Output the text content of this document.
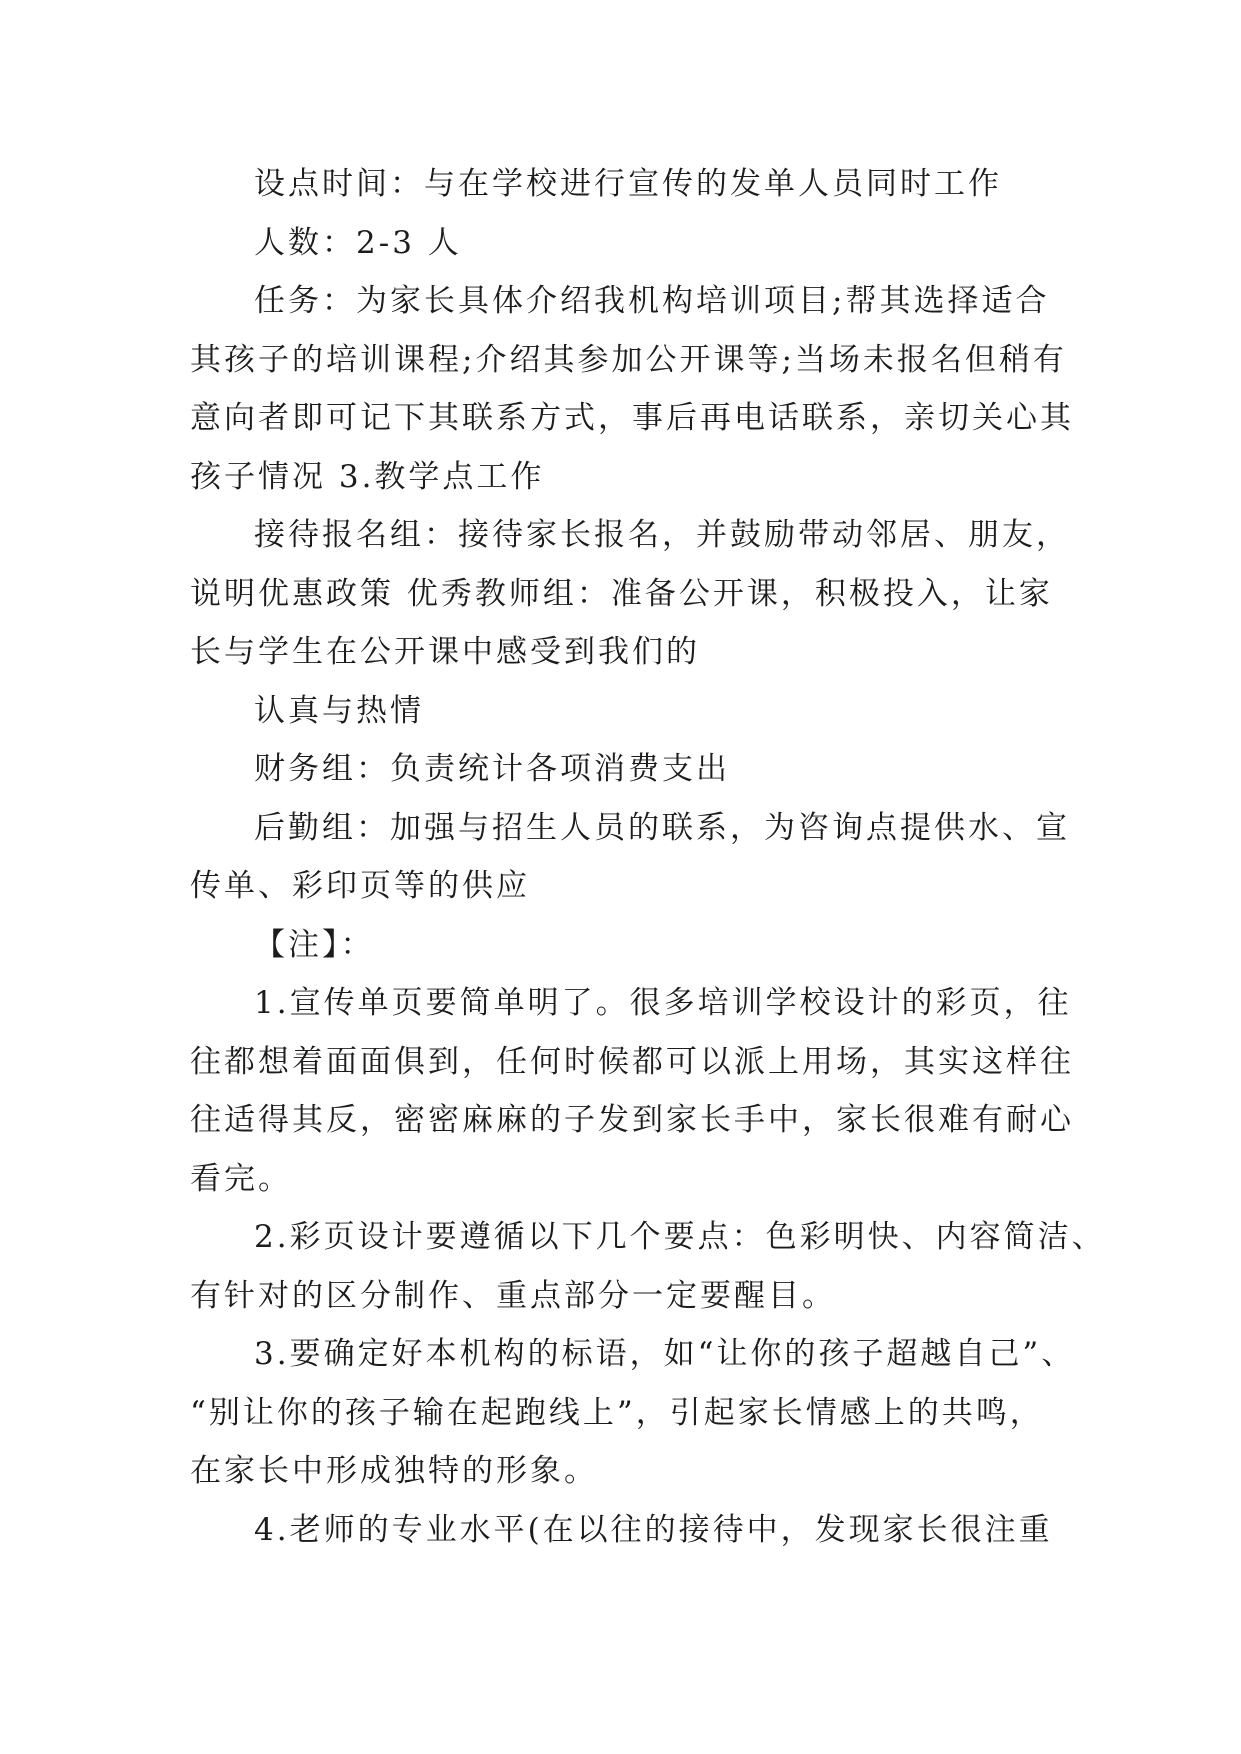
设点时间：与在学校进行宣传的发单人员同时工作
人数：2-3 人
任务：为家长具体介绍我机构培训项目;帮其选择适合
其孩子的培训课程;介绍其参加公开课等;当场未报名但稍有
意向者即可记下其联系方式，事后再电话联系，亲切关心其
孩子情况 3.教学点工作
接待报名组：接待家长报名，并鼓励带动邻居、朋友，
说明优惠政策 优秀教师组：准备公开课，积极投入，让家
长与学生在公开课中感受到我们的
认真与热情
财务组：负责统计各项消费支出
后勤组：加强与招生人员的联系，为咨询点提供水、宣
传单、彩印页等的供应
【注】：
1.宣传单页要简单明了。很多培训学校设计的彩页，往
往都想着面面俱到，任何时候都可以派上用场，其实这样往
往适得其反，密密麻麻的子发到家长手中，家长很难有耐心
看完。
2.彩页设计要遵循以下几个要点：色彩明快、内容简洁、
有针对的区分制作、重点部分一定要醒目。
3.要确定好本机构的标语，如“让你的孩子超越自己”、
“别让你的孩子输在起跑线上”，引起家长情感上的共鸣，
在家长中形成独特的形象。
4.老师的专业水平(在以往的接待中，发现家长很注重
